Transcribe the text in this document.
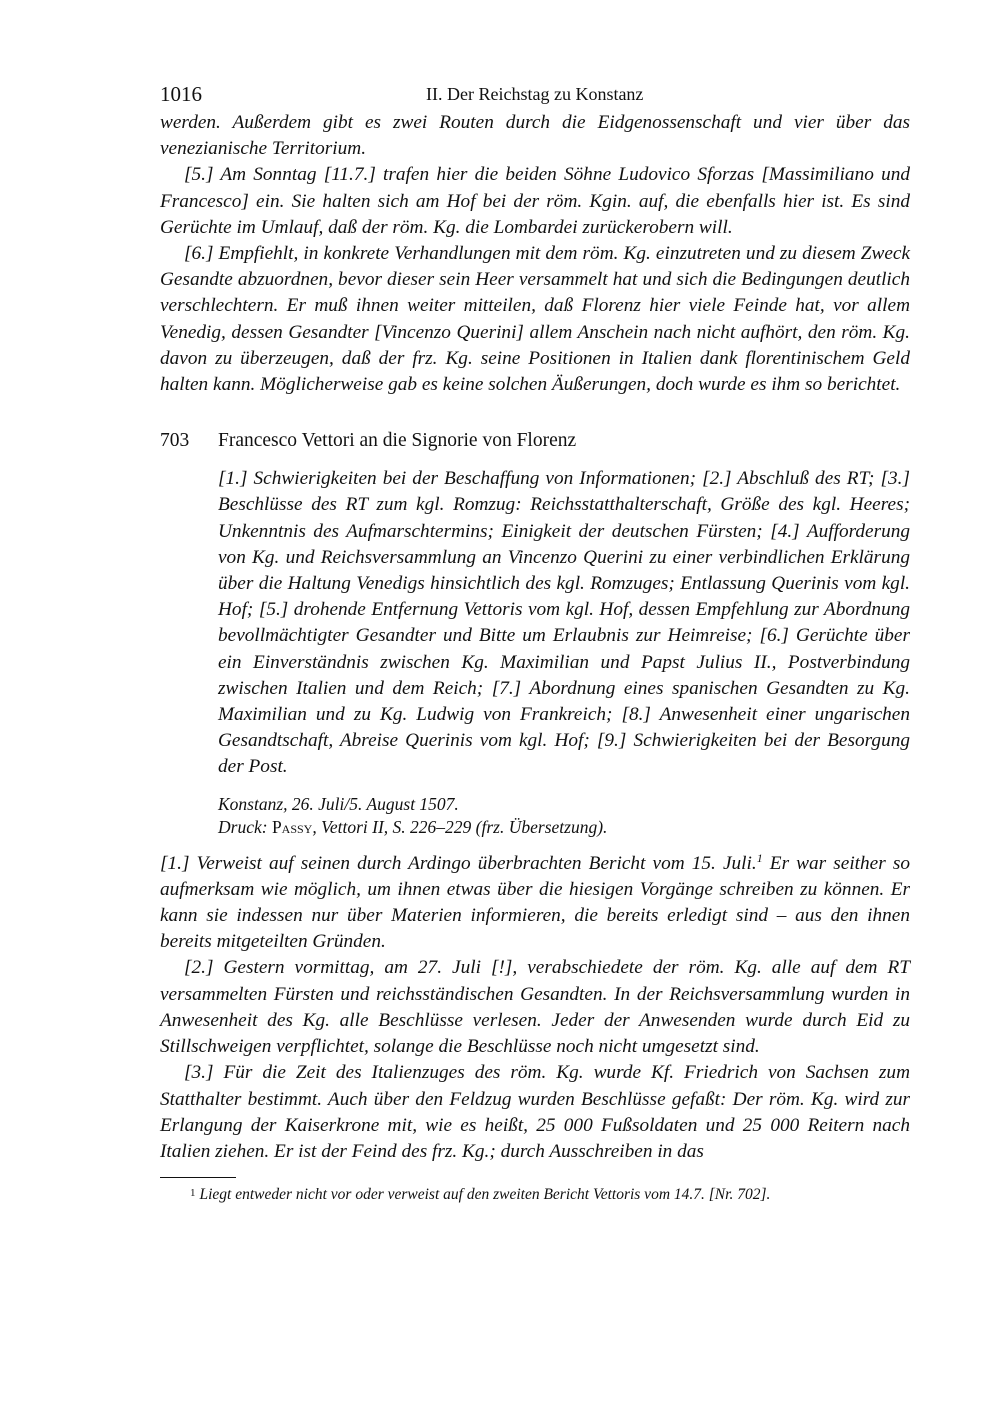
1016	II. Der Reichstag zu Konstanz

werden. Außerdem gibt es zwei Routen durch die Eidgenossenschaft und vier über das venezianische Territorium.

[5.] Am Sonntag [11.7.] trafen hier die beiden Söhne Ludovico Sforzas [Massimiliano und Francesco] ein. Sie halten sich am Hof bei der röm. Kgin. auf, die ebenfalls hier ist. Es sind Gerüchte im Umlauf, daß der röm. Kg. die Lombardei zurückerobern will.

[6.] Empfiehlt, in konkrete Verhandlungen mit dem röm. Kg. einzutreten und zu diesem Zweck Gesandte abzuordnen, bevor dieser sein Heer versammelt hat und sich die Bedingungen deutlich verschlechtern. Er muß ihnen weiter mitteilen, daß Florenz hier viele Feinde hat, vor allem Venedig, dessen Gesandter [Vincenzo Querini] allem Anschein nach nicht aufhört, den röm. Kg. davon zu überzeugen, daß der frz. Kg. seine Positionen in Italien dank florentinischem Geld halten kann. Möglicherweise gab es keine solchen Äußerungen, doch wurde es ihm so berichtet.

703 Francesco Vettori an die Signorie von Florenz

[1.] Schwierigkeiten bei der Beschaffung von Informationen; [2.] Abschluß des RT; [3.] Beschlüsse des RT zum kgl. Romzug: Reichsstatthalterschaft, Größe des kgl. Heeres; Unkenntnis des Aufmarschtermins; Einigkeit der deutschen Fürsten; [4.] Aufforderung von Kg. und Reichsversammlung an Vincenzo Querini zu einer verbindlichen Erklärung über die Haltung Venedigs hinsichtlich des kgl. Romzuges; Entlassung Querinis vom kgl. Hof; [5.] drohende Entfernung Vettoris vom kgl. Hof, dessen Empfehlung zur Abordnung bevollmächtigter Gesandter und Bitte um Erlaubnis zur Heimreise; [6.] Gerüchte über ein Einverständnis zwischen Kg. Maximilian und Papst Julius II., Postverbindung zwischen Italien und dem Reich; [7.] Abordnung eines spanischen Gesandten zu Kg. Maximilian und zu Kg. Ludwig von Frankreich; [8.] Anwesenheit einer ungarischen Gesandtschaft, Abreise Querinis vom kgl. Hof; [9.] Schwierigkeiten bei der Besorgung der Post.

Konstanz, 26. Juli/5. August 1507.

Druck: Passy, Vettori II, S. 226–229 (frz. Übersetzung).

[1.] Verweist auf seinen durch Ardingo überbrachten Bericht vom 15. Juli.$^1$ Er war seither so aufmerksam wie möglich, um ihnen etwas über die hiesigen Vorgänge schreiben zu können. Er kann sie indessen nur über Materien informieren, die bereits erledigt sind – aus den ihnen bereits mitgeteilten Gründen.

[2.] Gestern vormittag, am 27. Juli [!], verabschiedete der röm. Kg. alle auf dem RT versammelten Fürsten und reichsständischen Gesandten. In der Reichsversammlung wurden in Anwesenheit des Kg. alle Beschlüsse verlesen. Jeder der Anwesenden wurde durch Eid zu Stillschweigen verpflichtet, solange die Beschlüsse noch nicht umgesetzt sind.

[3.] Für die Zeit des Italienzuges des röm. Kg. wurde Kf. Friedrich von Sachsen zum Statthalter bestimmt. Auch über den Feldzug wurden Beschlüsse gefaßt: Der röm. Kg. wird zur Erlangung der Kaiserkrone mit, wie es heißt, 25 000 Fußsoldaten und 25 000 Reitern nach Italien ziehen. Er ist der Feind des frz. Kg.; durch Ausschreiben in das

1 Liegt entweder nicht vor oder verweist auf den zweiten Bericht Vettoris vom 14.7. [Nr. 702].
